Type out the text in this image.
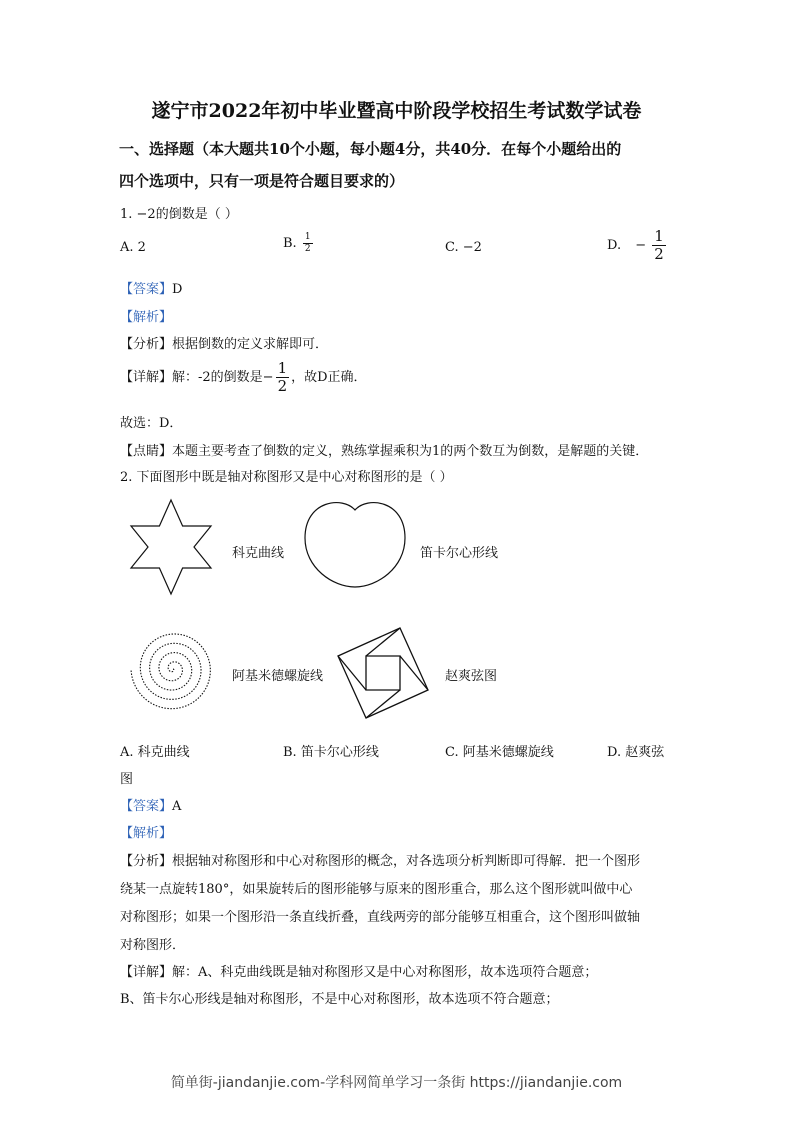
遂宁市2022年初中毕业暨高中阶段学校招生考试数学试卷
一、选择题（本大题共10个小题，每小题4分，共40分．在每个小题给出的
四个选项中，只有一项是符合题目要求的）
1. −2的倒数是（ ）
A. 2	B. $\frac{1}{2}$	C. −2	D. − $\frac{1}{2}$
【答案】D
【解析】
【分析】根据倒数的定义求解即可．
【详解】解：-2的倒数是− $\frac{1}{2}$ ，故D正确．
故选：D．
【点睛】本题主要考查了倒数的定义，熟练掌握乘积为1的两个数互为倒数，是解题的关键．
2. 下面图形中既是轴对称图形又是中心对称图形的是（ ）
科克曲线	笛卡尔心形线
阿基米德螺旋线	赵爽弦图
A. 科克曲线	B. 笛卡尔心形线	C. 阿基米德螺旋线	D. 赵爽弦
图
【答案】A
【解析】
【分析】根据轴对称图形和中心对称图形的概念，对各选项分析判断即可得解．把一个图形
绕某一点旋转180°，如果旋转后的图形能够与原来的图形重合，那么这个图形就叫做中心
对称图形；如果一个图形沿一条直线折叠，直线两旁的部分能够互相重合，这个图形叫做轴
对称图形．
【详解】解：A、科克曲线既是轴对称图形又是中心对称图形，故本选项符合题意；
B、笛卡尔心形线是轴对称图形，不是中心对称图形，故本选项不符合题意；
简单街-jiandanjie.com-学科网简单学习一条街 https://jiandanjie.com
